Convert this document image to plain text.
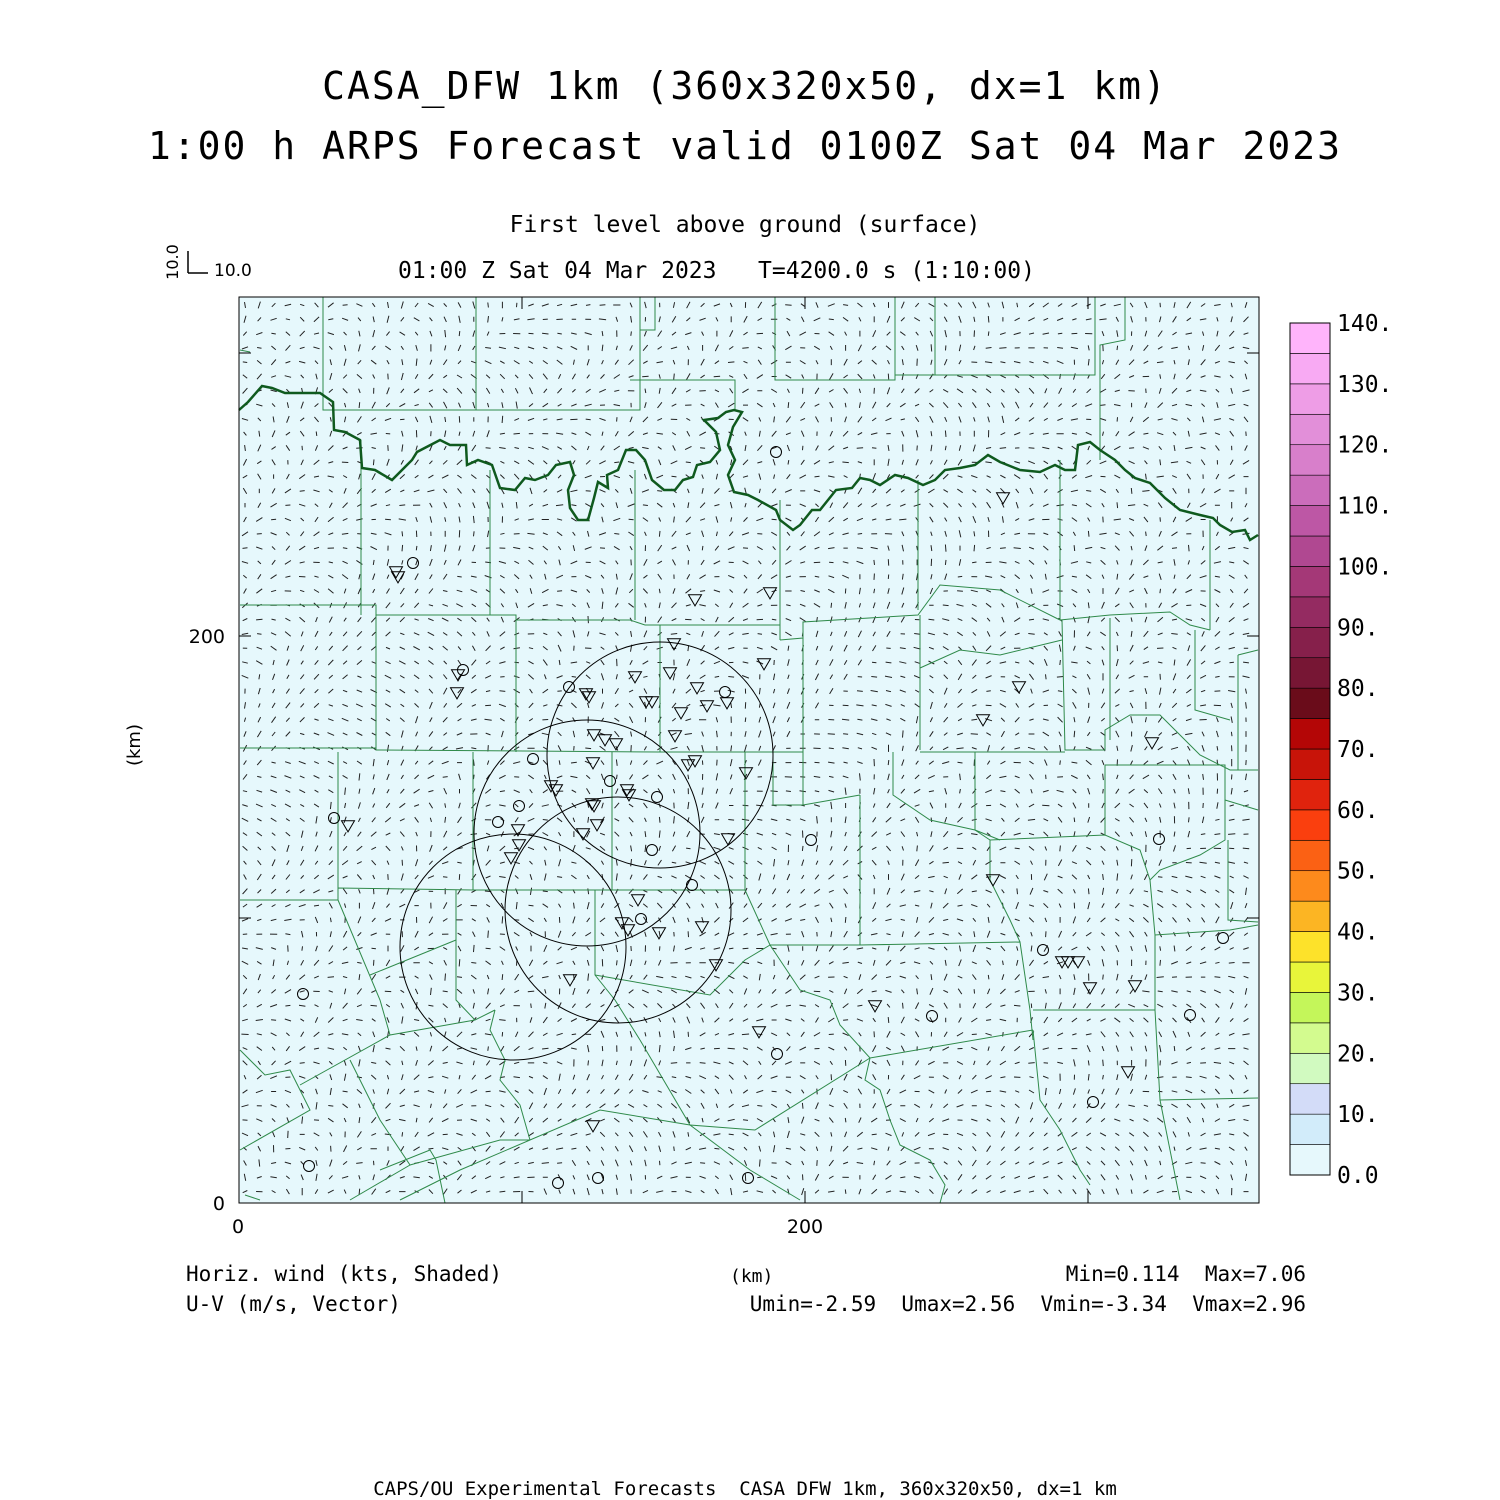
CASA_DFW 1km (360x320x50, dx=1 km)
1:00 h ARPS Forecast valid 0100Z Sat 04 Mar 2023
First level above ground (surface)
01:00 Z Sat 04 Mar 2023   T=4200.0 s (1:10:00)
10.0 10.0
0
200
0	200
(km)
0.0
10.
20.
30.
40.
50.
60.
70.
80.
90.
100.
110.
120.
130.
140.
Horiz. wind (kts, Shaded)
U-V (m/s, Vector)
(km)	Min=0.114  Max=7.06
Umin=-2.59  Umax=2.56  Vmin=-3.34  Vmax=2.96
CAPS/OU Experimental Forecasts  CASA DFW 1km, 360x320x50, dx=1 km
